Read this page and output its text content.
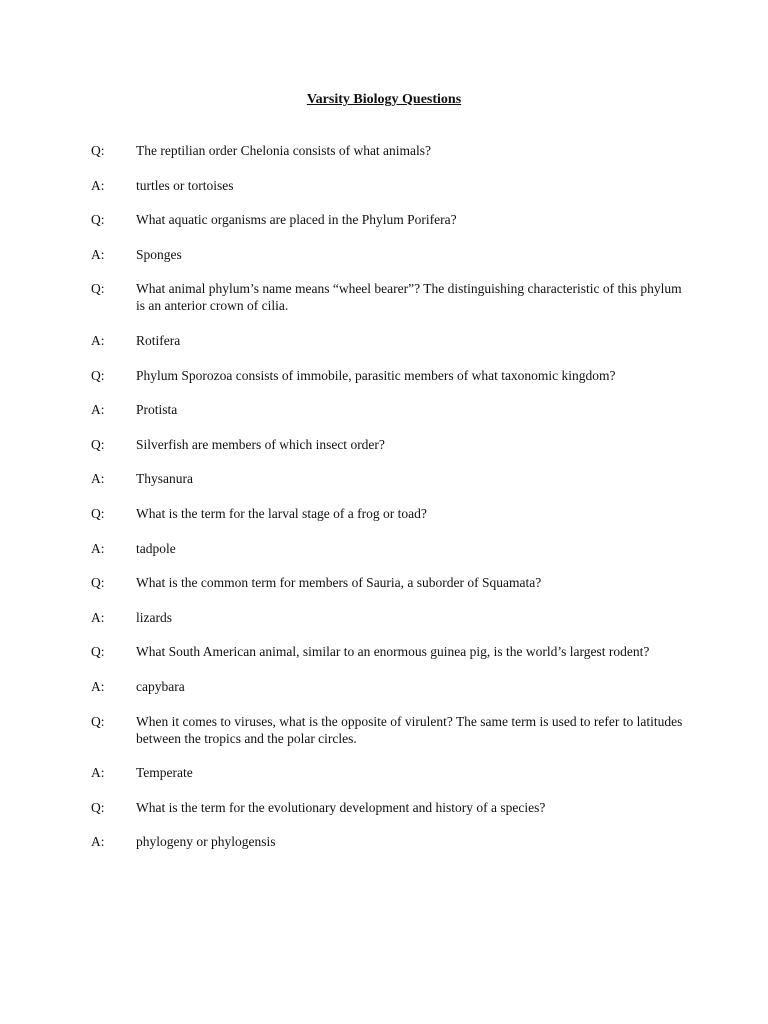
Varsity Biology Questions
Q:	The reptilian order Chelonia consists of what animals?
A:	turtles or tortoises
Q:	What aquatic organisms are placed in the Phylum Porifera?
A:	Sponges
Q:	What animal phylum’s name means “wheel bearer”? The distinguishing characteristic of this phylum is an anterior crown of cilia.
A:	Rotifera
Q:	Phylum Sporozoa consists of immobile, parasitic members of what taxonomic kingdom?
A:	Protista
Q:	Silverfish are members of which insect order?
A:	Thysanura
Q:	What is the term for the larval stage of a frog or toad?
A:	tadpole
Q:	What is the common term for members of Sauria, a suborder of Squamata?
A:	lizards
Q:	What South American animal, similar to an enormous guinea pig, is the world’s largest rodent?
A:	capybara
Q:	When it comes to viruses, what is the opposite of virulent? The same term is used to refer to latitudes between the tropics and the polar circles.
A:	Temperate
Q:	What is the term for the evolutionary development and history of a species?
A:	phylogeny or phylogensis
